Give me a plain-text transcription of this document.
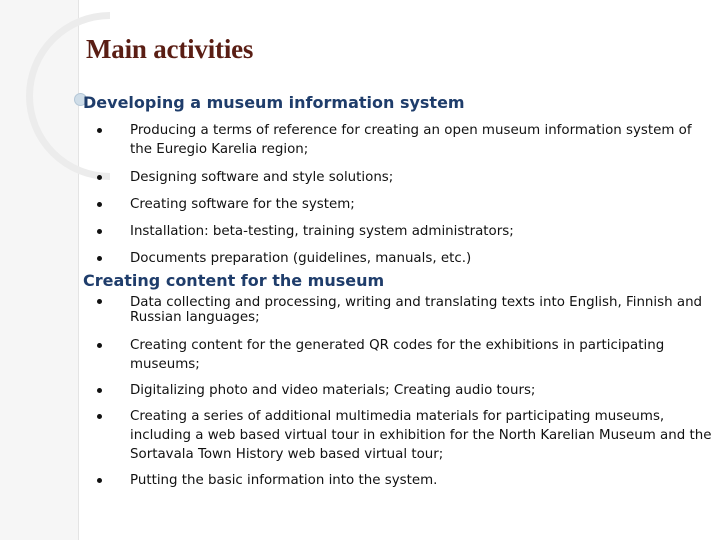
Main activities
Developing a museum information system
Producing a terms of reference for creating an open museum information system of the Euregio Karelia region;
Designing software and style solutions;
Creating software for the system;
Installation: beta-testing, training system administrators;
Documents preparation (guidelines, manuals, etc.)
Creating content for the museum
Data collecting and processing, writing and translating texts into English, Finnish and Russian languages;
Creating content for the generated QR codes for the exhibitions in participating museums;
Digitalizing photo and video materials; Creating audio tours;
Creating a series of additional multimedia materials for participating museums, including a web based virtual tour in exhibition for the North Karelian Museum and the Sortavala Town History web based virtual tour;
Putting the basic information into the system.
